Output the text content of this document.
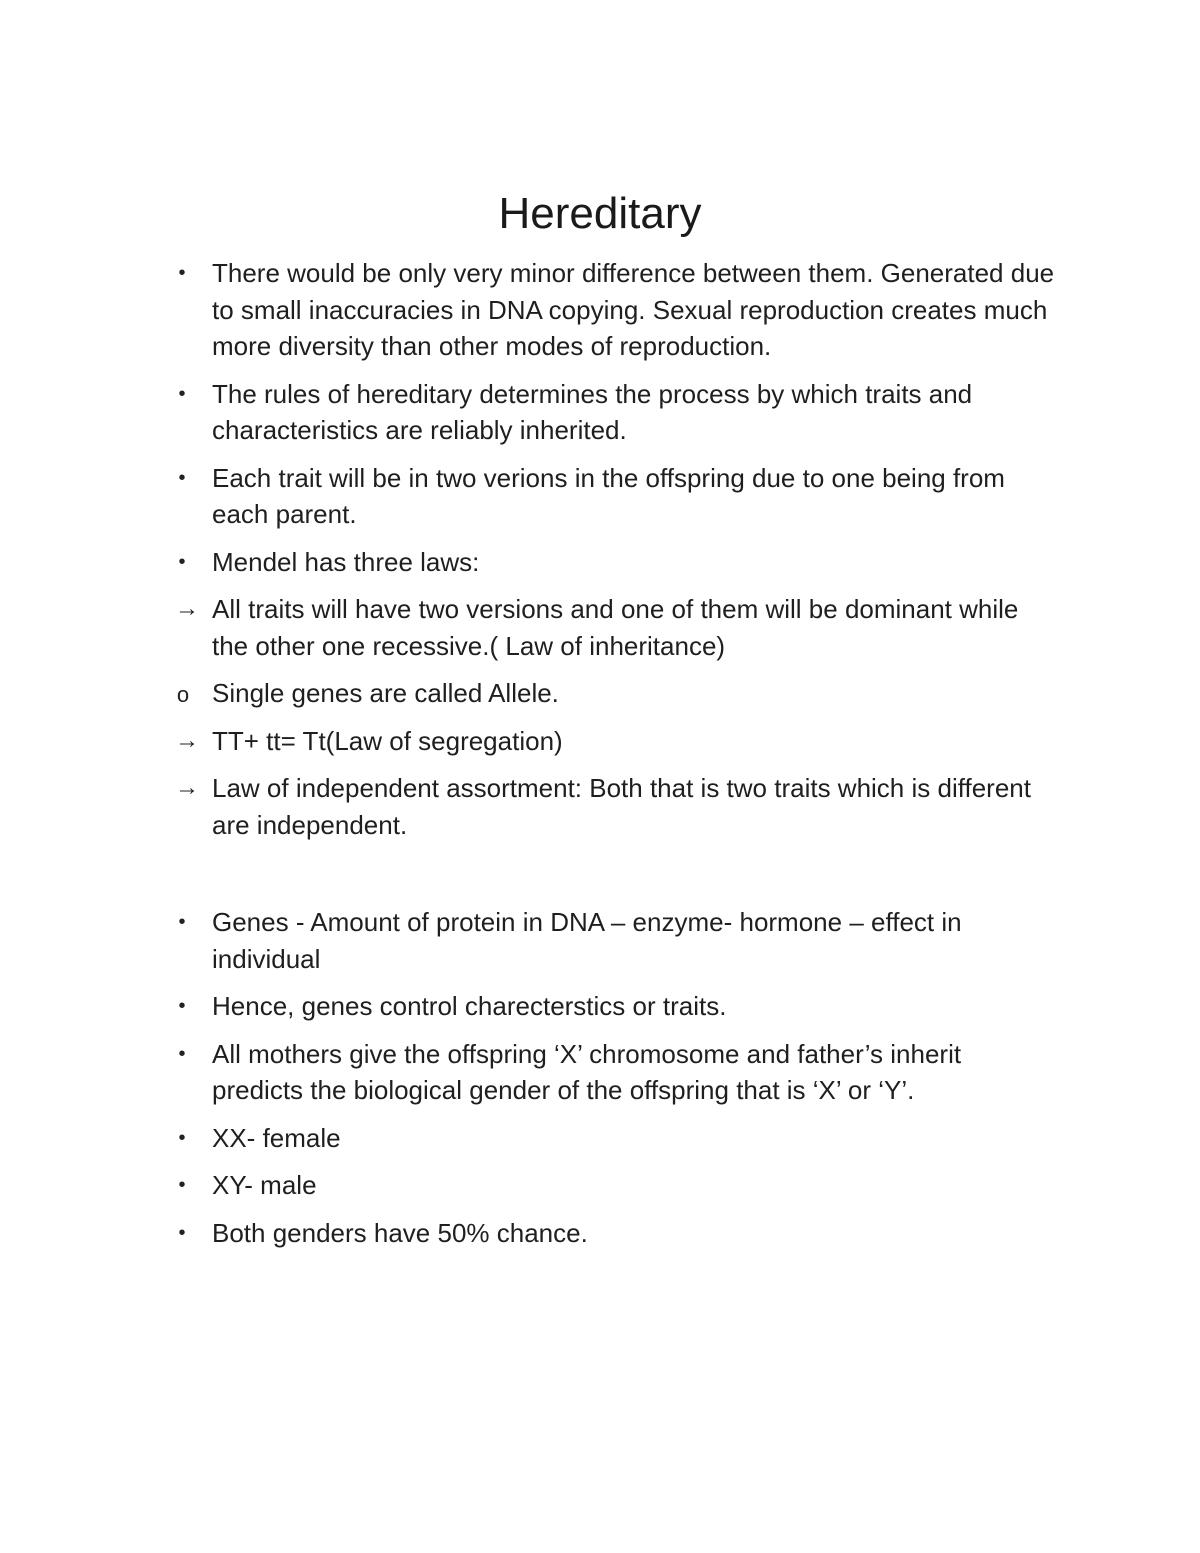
Hereditary
•	There would be only very minor difference between them. Generated due to small inaccuracies in DNA copying. Sexual reproduction creates much more diversity than other modes of reproduction.
•	The rules of hereditary determines the process by which traits and characteristics are reliably inherited.
•	Each trait will be in two verions in the offspring due to one being from each parent.
•	Mendel has three laws:
→ All traits will have two versions and one of them will be dominant while the other one recessive.( Law of inheritance)
o Single genes are called Allele.
→ TT+ tt= Tt(Law of segregation)
→ Law of independent assortment: Both that is two traits which is different are independent.
•	Genes - Amount of protein in DNA – enzyme- hormone – effect in individual
•	Hence, genes control charecterstics or traits.
•	All mothers give the offspring ‘X’ chromosome and father’s inherit predicts the biological gender of the offspring that is ‘X’ or ‘Y’.
•	XX- female
•	XY- male
•	Both genders have 50% chance.
